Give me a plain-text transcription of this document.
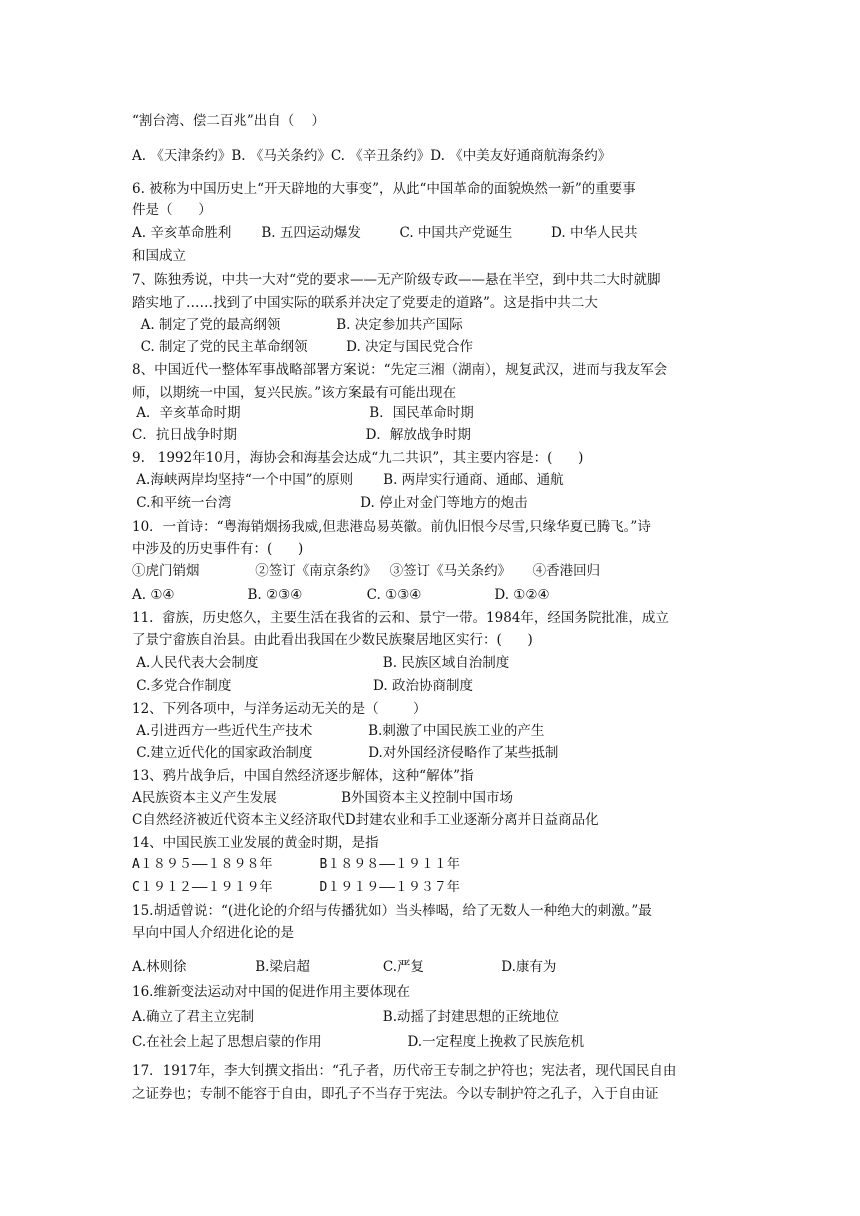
“割台湾、偿二百兆”出自（    ）
A. 《天津条约》B. 《马关条约》C. 《辛丑条约》D. 《中美友好通商航海条约》
6. 被称为中国历史上“开天辟地的大事变”，从此“中国革命的面貌焕然一新”的重要事
件是（      ）
A. 辛亥革命胜利       B. 五四运动爆发         C. 中国共产党诞生         D. 中华人民共
和国成立
7、陈独秀说，中共一大对“党的要求——无产阶级专政——悬在半空，到中共二大时就脚
踏实地了……找到了中国实际的联系并决定了党要走的道路”。这是指中共二大
A. 制定了党的最高纲领             B. 决定参加共产国际
C. 制定了党的民主革命纲领         D. 决定与国民党合作
8、中国近代一整体军事战略部署方案说：“先定三湘（湖南），规复武汉，进而与我友军会
师，以期统一中国，复兴民族。”该方案最有可能出现在
A．辛亥革命时期                              B．国民革命时期
C．抗日战争时期                              D．解放战争时期
9.   1992年10月，海协会和海基会达成“九二共识”，其主要内容是：(      )
A.海峡两岸均坚持“一个中国”的原则       B. 两岸实行通商、通邮、通航
C.和平统一台湾                              D. 停止对金门等地方的炮击
10．一首诗：“粤海销烟扬我威,但悲港岛易英徽。前仇旧恨今尽雪,只缘华夏已腾飞。”诗
中涉及的历史事件有：(      )
①虎门销烟             ②签订《南京条约》   ③签订《马关条约》     ④香港回归
A. ①④                 B. ②③④               C. ①③④                 D. ①②④
11.  畲族，历史悠久，主要生活在我省的云和、景宁一带。1984年，经国务院批准，成立
了景宁畲族自治县。由此看出我国在少数民族聚居地区实行：(      )
A.人民代表大会制度                             B. 民族区域自治制度
C.多党合作制度                                 D. 政治协商制度
12、下列各项中，与洋务运动无关的是（        ）
A.引进西方一些近代生产技术             B.刺激了中国民族工业的产生
C.建立近代化的国家政治制度             D.对外国经济侵略作了某些抵制
13、鸦片战争后，中国自然经济逐步解体，这种“解体”指
A民族资本主义产生发展               B外国资本主义控制中国市场
C自然经济被近代资本主义经济取代D封建农业和手工业逐渐分离并日益商品化
14、中国民族工业发展的黄金时期，是指
A１８９５——１８９８年      B１８９８——１９１１年
C１９１２——１９１９年      D１９１９——１９３７年
15.胡适曾说：“(进化论的介绍与传播犹如）当头棒喝，给了无数人一种绝大的刺激。”最
早向中国人介绍进化论的是
A.林则徐                B.梁启超                 C.严复                  D.康有为
16.维新变法运动对中国的促进作用主要体现在
A.确立了君主立宪制                              B.动摇了封建思想的正统地位
C.在社会上起了思想启蒙的作用                    D.一定程度上挽救了民族危机
17．1917年，李大钊撰文指出：“孔子者，历代帝王专制之护符也；宪法者，现代国民自由
之证券也；专制不能容于自由，即孔子不当存于宪法。今以专制护符之孔子，入于自由证
